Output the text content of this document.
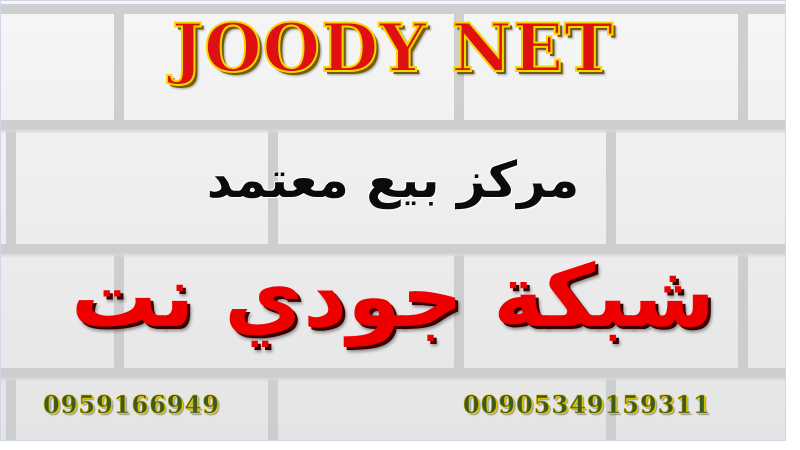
JOODY NET
مركز بيع معتمد
شبكة جودي نت
0959166949	00905349159311
